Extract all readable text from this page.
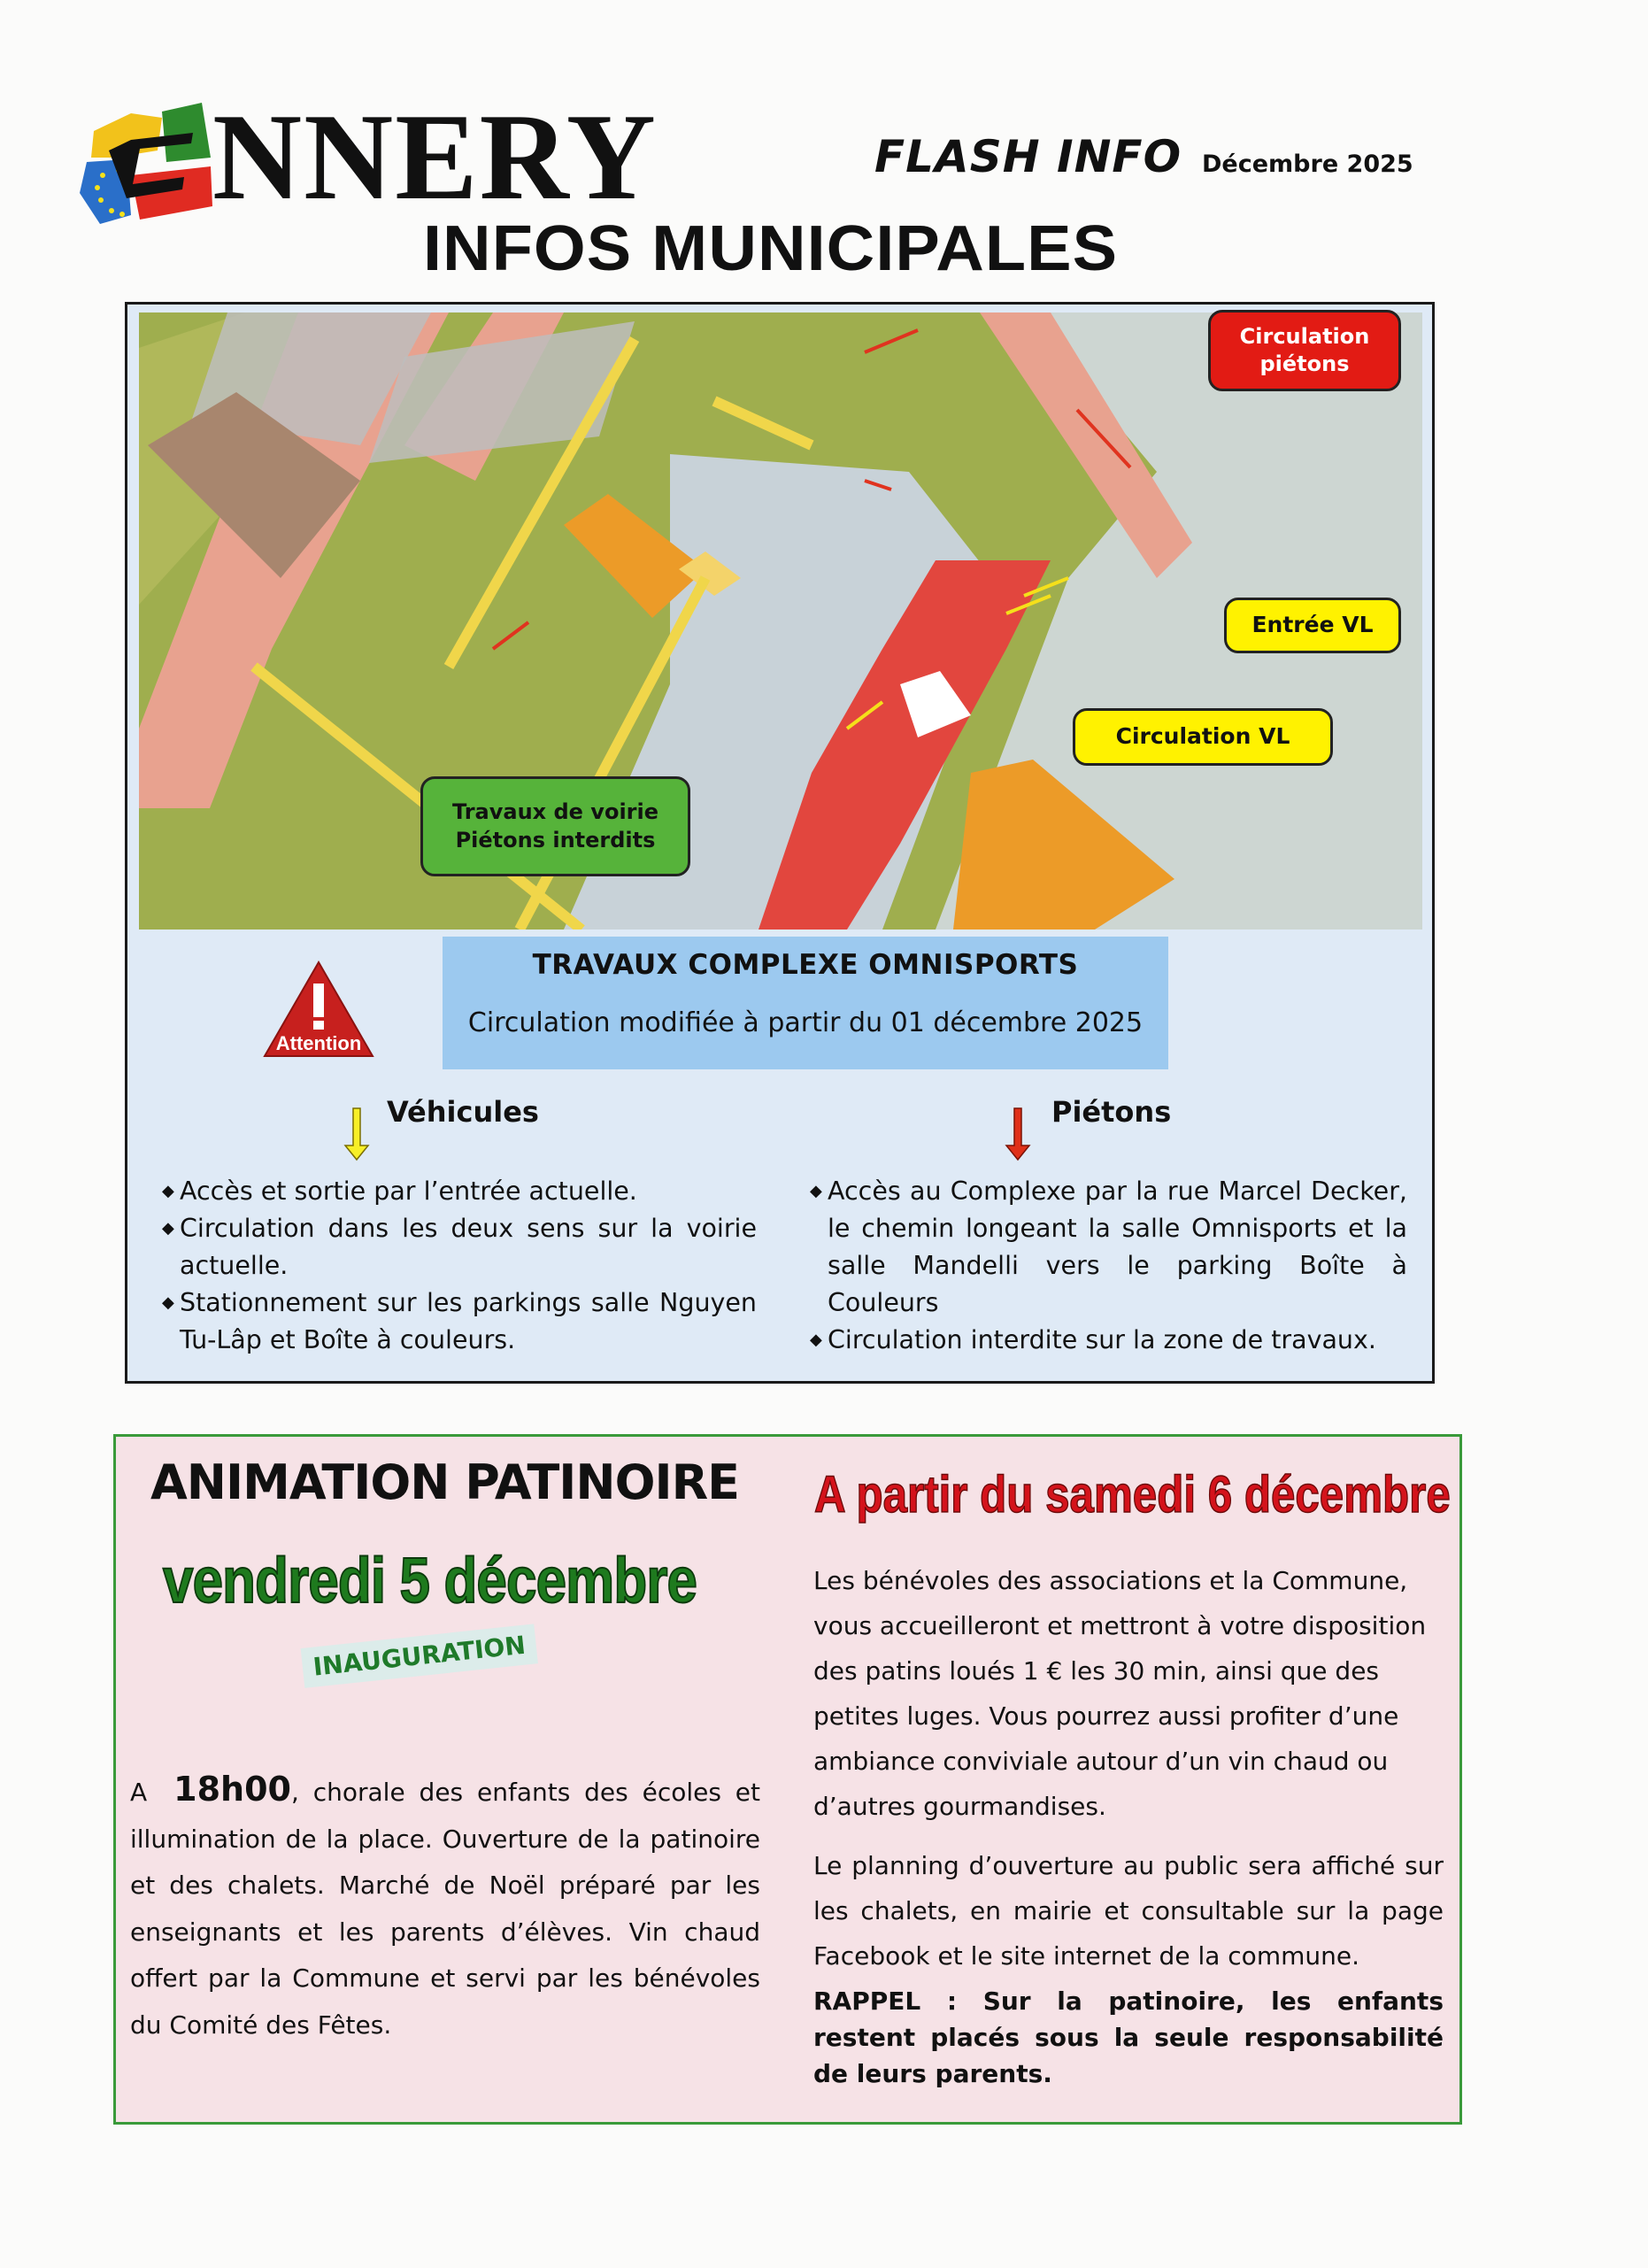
NNERY	FLASH INFO Décembre 2025
INFOS MUNICIPALES
Circulation piétons
Entrée VL
Circulation VL
Travaux de voirie
Piétons interdits
Attention
TRAVAUX COMPLEXE OMNISPORTS
Circulation modifiée à partir du 01 décembre 2025
Véhicules	Piétons
◆ Accès et sortie par l’entrée actuelle.
◆ Circulation dans les deux sens sur la voirie actuelle.
◆ Stationnement sur les parkings salle Nguyen Tu-Lâp et Boîte à couleurs.
◆ Accès au Complexe par la rue Marcel Decker, le chemin longeant la salle Omnisports et la salle Mandelli vers le parking Boîte à Couleurs
◆ Circulation interdite sur la zone de travaux.
ANIMATION PATINOIRE
vendredi 5 décembre
INAUGURATION
A 18h00, chorale des enfants des écoles et illumination de la place. Ouverture de la patinoire et des chalets. Marché de Noël préparé par les enseignants et les parents d’élèves. Vin chaud offert par la Commune et servi par les bénévoles du Comité des Fêtes.
A partir du samedi 6 décembre
Les bénévoles des associations et la Commune, vous accueilleront et mettront à votre disposition des patins loués 1 € les 30 min, ainsi que des petites luges. Vous pourrez aussi profiter d’une ambiance conviviale autour d’un vin chaud ou d’autres gourmandises.
Le planning d’ouverture au public sera affiché sur les chalets, en mairie et consultable sur la page Facebook et le site internet de la commune.
RAPPEL : Sur la patinoire, les enfants restent placés sous la seule responsabilité de leurs parents.
